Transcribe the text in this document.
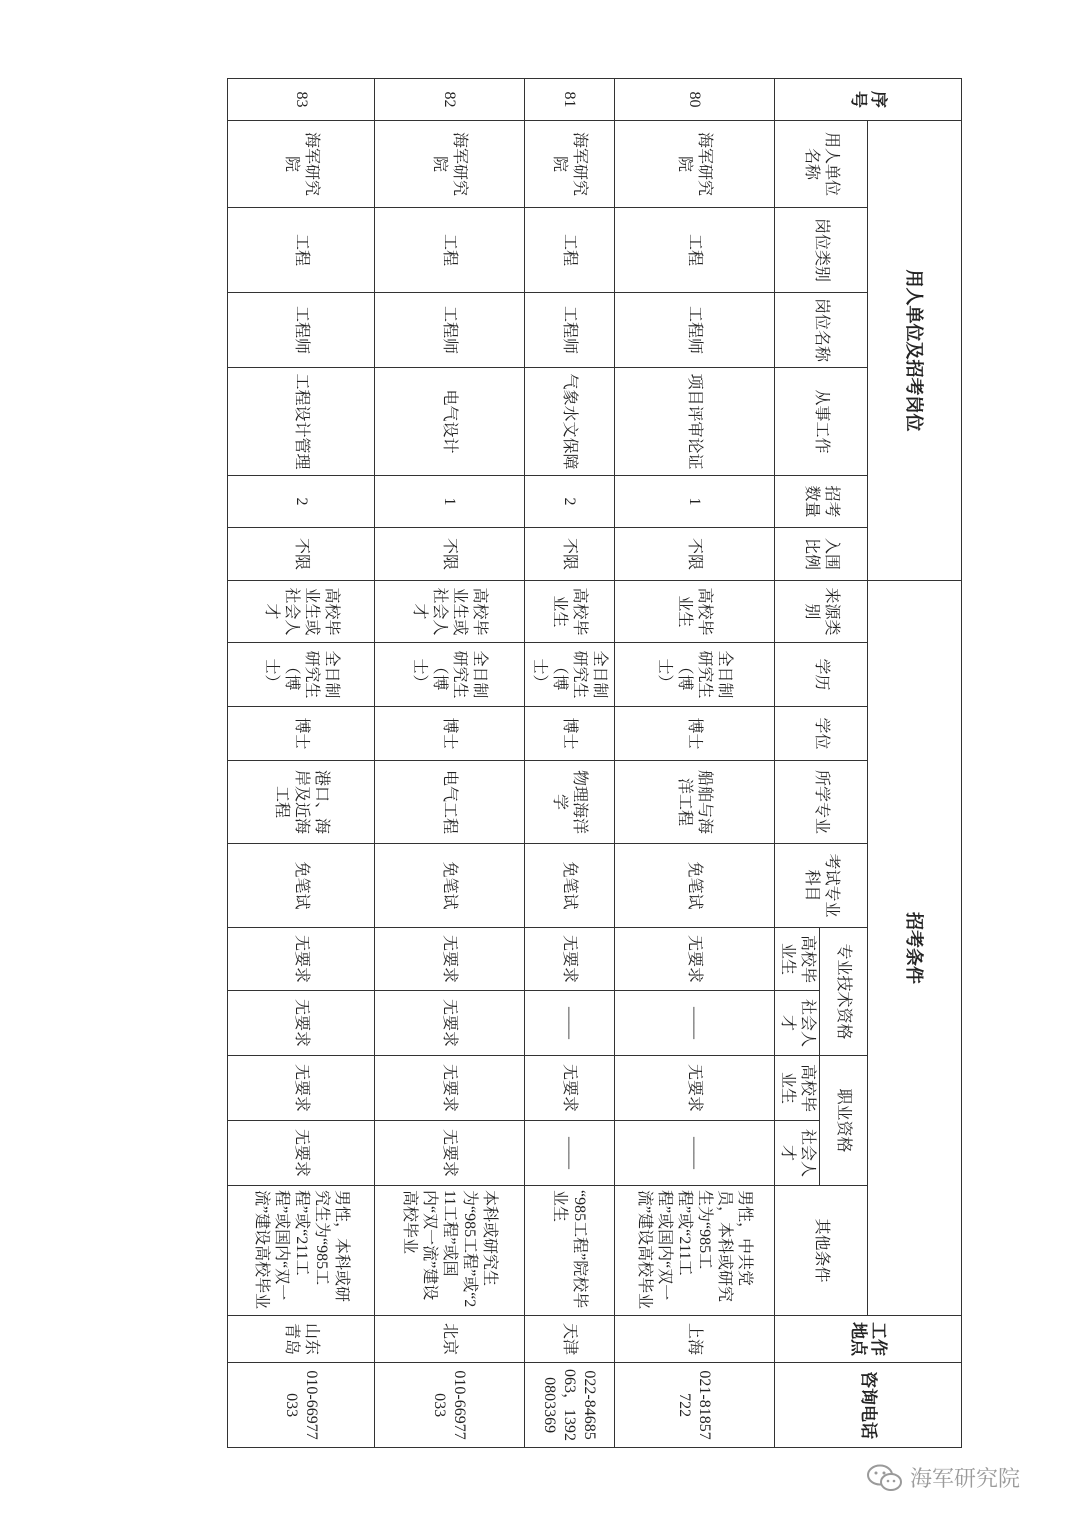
序号	用人单位及招考岗位						招考条件										工作地点	咨询电话
	用人单位名称	岗位类别	岗位名称	从事工作	招考数量	入围比例	来源类别	学历	学位	所学专业	考试专业科目	专业技术资格		职业资格		其他条件		
												高校毕业生	社会人才	高校毕业生	社会人才			
80	海军研究院	工程	工程师	项目评审论证	1	不限	高校毕业生	全日制研究生（博士）	博士	船舶与海洋工程	免笔试	无要求	——	无要求	——	男性，中共党员，本科或研究生为“985工程”或“211工程”或国内“双一流”建设高校毕业	上海	021-81857722
81	海军研究院	工程	工程师	气象水文保障	2	不限	高校毕业生	全日制研究生（博士）	博士	物理海洋学	免笔试	无要求	——	无要求	——	“985工程”院校毕业生	天津	022-84685063，13920803369
82	海军研究院	工程	工程师	电气设计	1	不限	高校毕业生或社会人才	全日制研究生（博士）	博士	电气工程	免笔试	无要求	无要求	无要求	无要求	本科或研究生为“985工程”或“211工程”或国内“双一流”建设高校毕业	北京	010-66977033
83	海军研究院	工程	工程师	工程设计管理	2	不限	高校毕业生或社会人才	全日制研究生（博士）	博士	港口、海岸及近海工程	免笔试	无要求	无要求	无要求	无要求	男性，本科或研究生为“985工程”或“211工程”或国内“双一流”建设高校毕业	山东青岛	010-66977033
海军研究院
